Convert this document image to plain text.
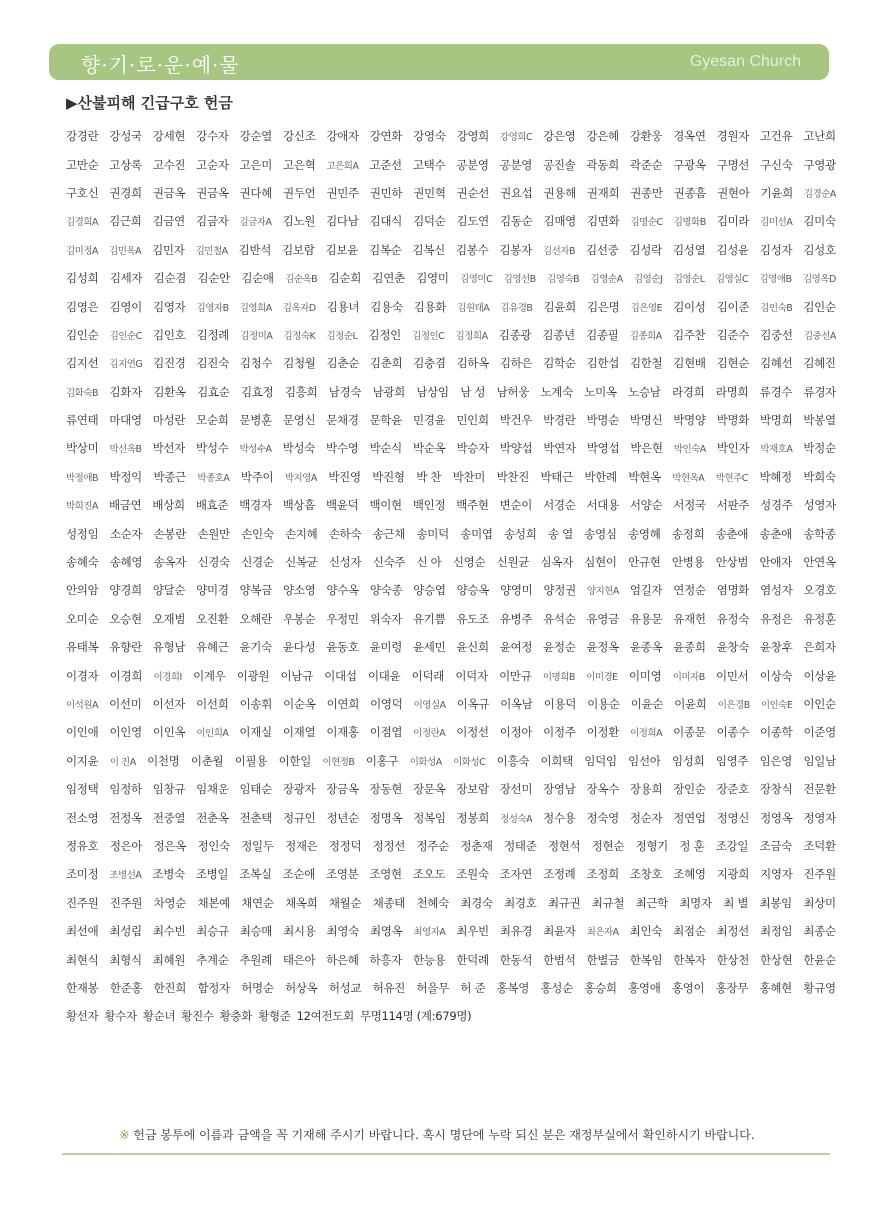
향·기·로·운·예·물	Gyesan Church
▶산불피해 긴급구호 헌금
강경란 강성국 강세현 강수자 강순열 강신조 강애자 강연화 강영숙 강영희 강영희C 강은영 강은혜 강환웅 경옥연 경원자 고건유 고난희
고만순 고상록 고수진 고순자 고은미 고은혁 고은희A 고준선 고택수 공분영 공분영 공진솔 곽동희 곽준순 구광옥 구명선 구신숙 구영광
구호신 권경희 권금옥 권금옥 권다혜 권두언 권민주 권민하 권민혁 권순선 권요섭 권용해 권재희 권종만 권종흠 권현아 기윤희 김경순A
김경희A 김근희 김금연 김금자 김금자A 김노원 김다남 김대식 김덕순 김도연 김동순 김매영 김면화 김명순C 김명화B 김미라 김미선A 김미숙
김미정A 김민옥A 김민자 김민철A 김반석 김보람 김보윤 김복순 김복신 김봉수 김봉자 김선자B 김선중 김성락 김성열 김성윤 김성자 김성호
김성희 김세자 김순겸 김순안 김순애 김순옥B 김순희 김연춘 김영미 김영미C 김영선B 김영숙B 김영순A 김영순J 김영순L 김영실C 김영애B 김영옥D
김영은 김영이 김영자 김영자B 김영희A 김옥자D 김용녀 김용숙 김용화 김원태A 김유경B 김윤희 김은명 김은영E 김이성 김이준 김인숙B 김인순
김인순 김인순C 김인호 김정례 김정미A 김정숙K 김정순L 김정인 김정인C 김정희A 김종광 김종년 김종필 김종희A 김주찬 김준수 김중선 김중선A
김지선 김지연G 김진경 김진숙 김청수 김청월 김춘순 김춘희 김충겸 김하옥 김하은 김학순 김한섭 김한철 김현배 김현순 김혜선 김혜진
김화숙B 김화자 김환옥 김효순 김효정 김흥희 남경숙 남광희 남상임 남 성 남허웅 노계숙 노미옥 노승남 라경희 라명희 류경수 류경자
류연태 마대영 마성란 모순희 문병훈 문영신 문채경 문학윤 민경윤 민인희 박건우 박경란 박명순 박명신 박명양 박명화 박명희 박봉열
박상미 박선옥B 박선자 박성수 박성수A 박성숙 박수영 박순식 박순옥 박승자 박양섭 박연자 박영섭 박은현 박인숙A 박인자 박재호A 박정순
박정애B 박정익 박종근 박종호A 박주이 박지영A 박진영 박진형 박 찬 박찬미 박찬진 박태근 박한례 박현옥 박현옥A 박현주C 박혜정 박희숙
박희진A 배금연 배상희 배효준 백경자 백상흠 백윤덕 백이현 백인정 백주현 변순이 서경순 서대용 서양순 서정국 서판주 성경주 성영자
성정임 소순자 손봉란 손원만 손인숙 손지혜 손하숙 송근채 송미덕 송미엽 송성희 송 열 송영심 송영혜 송정희 송춘애 송춘애 송학종
송혜숙 송혜영 송옥자 신경숙 신경순 신복균 신성자 신숙주 신 아 신영순 신원균 심옥자 심현이 안규현 안병용 안상범 안애자 안연옥
안의암 양경희 양달순 양미경 양복금 양소영 양수옥 양숙종 양승엽 양승옥 양영미 양정권 양지현A 엄길자 연정순 염명화 염성자 오경호
오미순 오승현 오재범 오진환 오해란 우봉순 우정민 위숙자 유기쁨 유도조 유병주 유석순 유영금 유용문 유재헌 유정숙 유정은 유정훈
유태복 유향란 유형남 유혜근 윤기숙 윤다성 윤동호 윤미령 윤세민 윤신희 윤여정 윤정순 윤정옥 윤종옥 윤종희 윤창숙 윤창후 은희자
이경자 이경희 이경희I 이계우 이광원 이남규 이대섭 이대윤 이덕래 이덕자 이만규 이명희B 이미경E 이미영 이미자B 이민서 이상숙 이상윤
이석원A 이선미 이선자 이선희 이송휘 이순옥 이연희 이영덕 이영실A 이옥규 이옥남 이용덕 이용순 이윤순 이윤희 이은경B 이인숙E 이인순
이인애 이인영 이인옥 이인희A 이재실 이재열 이재홍 이점엽 이정란A 이정선 이정아 이정주 이정환 이정희A 이종문 이종수 이종학 이준영
이지윤 이 진A 이천명 이춘월 이필용 이한일 이현정B 이홍구 이화성A 이화성C 이흥숙 이희택 임덕임 임선아 임성희 임영주 임은영 임일남
임정택 임정하 임창규 임채운 임태순 장광자 장금옥 장동현 장문옥 장보람 장선미 장영남 장옥수 장용희 장인순 장준호 장창식 전문환
전소영 전정옥 전중열 전춘옥 전춘택 정규인 정년순 정명옥 정복임 정봉희 정성숙A 정수용 정숙영 정순자 정연업 정영신 정영옥 정영자
정유호 정은아 정은옥 정인숙 정일두 정재은 정정덕 정정선 정주순 정춘재 정태준 정현석 정현순 정형기 정 훈 조강일 조금숙 조덕환
조미정 조병선A 조병숙 조병일 조복실 조순애 조영분 조영현 조오도 조원숙 조자연 조정례 조정희 조창호 조혜영 지광희 지영자 진주원
진주원 진주원 차영순 채본예 채연순 채옥희 채월순 채종태 천혜숙 최경숙 최경호 최규권 최규철 최근학 최명자 최 별 최봉임 최상미
최선애 최성림 최수빈 최승규 최승매 최시용 최영숙 최영옥 최영자A 최우빈 최유경 최윤자 최은자A 최인숙 최점순 최정선 최정임 최종순
최현식 최형식 최혜원 추계순 추원례 태은아 하은혜 하흥자 한능용 한덕례 한동석 한범석 한별금 한복임 한복자 한상천 한상현 한윤순
한재봉 한준홍 한진희 함정자 허명순 허상옥 허성교 허유진 허을무 허 준 홍복영 홍성순 홍승희 홍영애 홍영이 홍장무 홍혜현 황규영
황선자 황수자 황순녀 황진수 황충화 황형준 12여전도회 무명114명 (계:679명)
※ 헌금 봉투에 이름과 금액을 꼭 기재해 주시기 바랍니다. 혹시 명단에 누락 되신 분은 재정부실에서 확인하시기 바랍니다.
